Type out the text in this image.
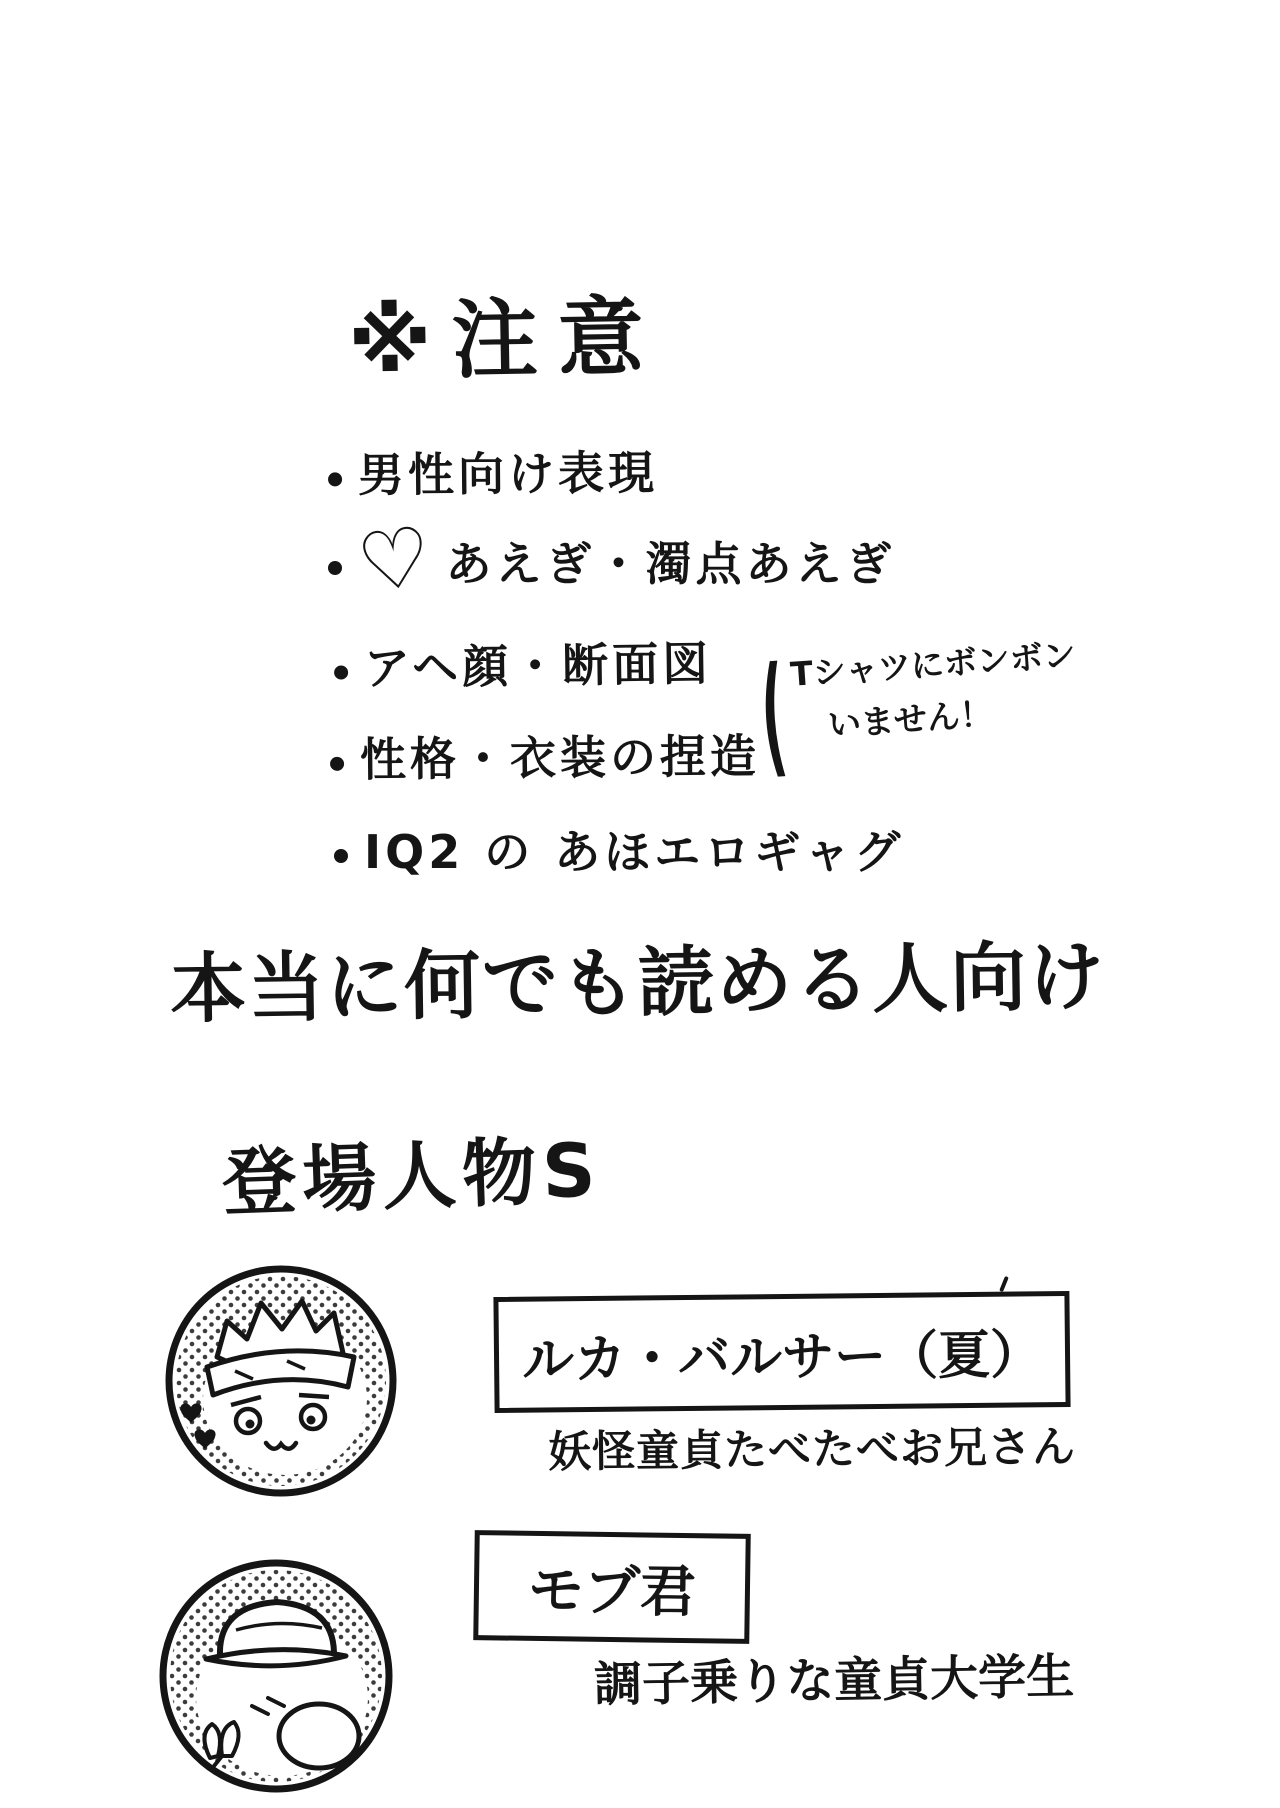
※注意
男性向け表現
♡ あえぎ・濁点あえぎ
アヘ顔・断面図
性格・衣装の捏造
(
Tシャツにボンボン
いません！
IQ2 の あほエロギャグ
本当に何でも読める人向け
登場人物S
ルカ・バルサー（夏）
妖怪童貞たべたべお兄さん
モブ君
調子乗りな童貞大学生
